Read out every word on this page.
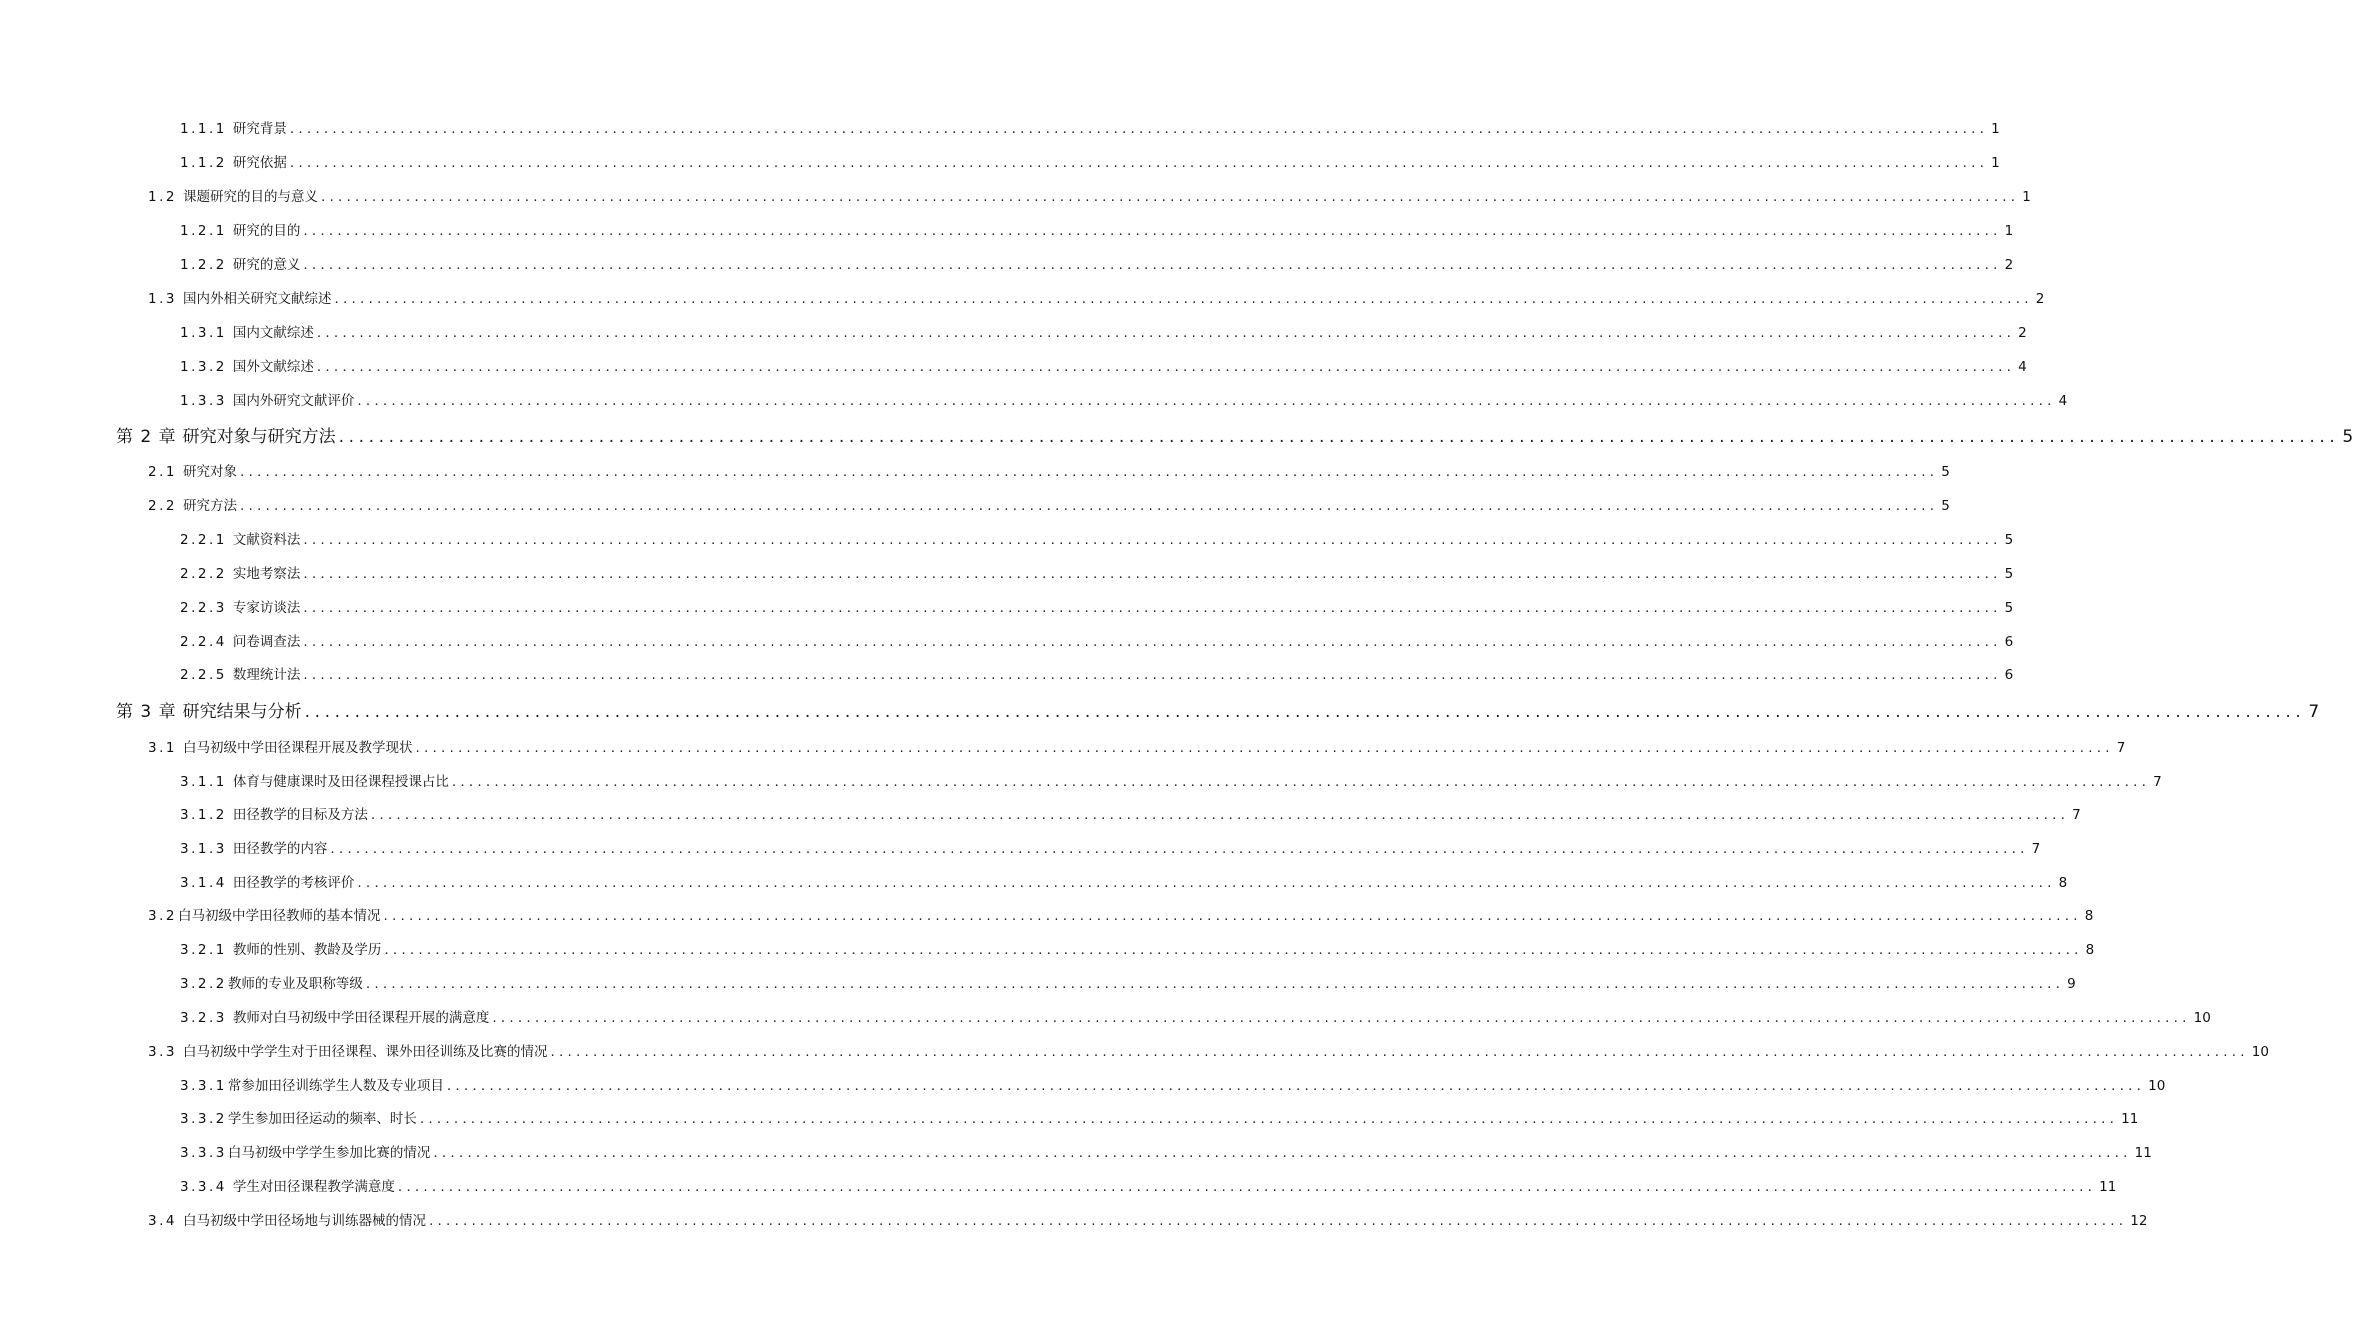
1.1.1 研究背景 ........................................................................................................................................................................................................ 1
1.1.2 研究依据 ........................................................................................................................................................................................................ 1
1.2 课题研究的目的与意义 ........................................................................................................................................................................................................ 1
1.2.1 研究的目的 ........................................................................................................................................................................................................ 1
1.2.2 研究的意义 ........................................................................................................................................................................................................ 2
1.3 国内外相关研究文献综述 ........................................................................................................................................................................................................ 2
1.3.1 国内文献综述 ........................................................................................................................................................................................................ 2
1.3.2 国外文献综述 ........................................................................................................................................................................................................ 4
1.3.3 国内外研究文献评价 ........................................................................................................................................................................................................ 4
第 2 章 研究对象与研究方法 ........................................................................................................................................................................................................ 5
2.1 研究对象 ........................................................................................................................................................................................................ 5
2.2 研究方法 ........................................................................................................................................................................................................ 5
2.2.1 文献资料法 ........................................................................................................................................................................................................ 5
2.2.2 实地考察法 ........................................................................................................................................................................................................ 5
2.2.3 专家访谈法 ........................................................................................................................................................................................................ 5
2.2.4 问卷调查法 ........................................................................................................................................................................................................ 6
2.2.5 数理统计法 ........................................................................................................................................................................................................ 6
第 3 章 研究结果与分析 ........................................................................................................................................................................................................ 7
3.1 白马初级中学田径课程开展及教学现状 ........................................................................................................................................................................................................ 7
3.1.1 体育与健康课时及田径课程授课占比 ........................................................................................................................................................................................................ 7
3.1.2 田径教学的目标及方法 ........................................................................................................................................................................................................ 7
3.1.3 田径教学的内容 ........................................................................................................................................................................................................ 7
3.1.4 田径教学的考核评价 ........................................................................................................................................................................................................ 8
3.2 白马初级中学田径教师的基本情况 ........................................................................................................................................................................................................ 8
3.2.1 教师的性别、教龄及学历 ........................................................................................................................................................................................................ 8
3.2.2 教师的专业及职称等级 ........................................................................................................................................................................................................ 9
3.2.3 教师对白马初级中学田径课程开展的满意度 ........................................................................................................................................................................................................ 10
3.3 白马初级中学学生对于田径课程、课外田径训练及比赛的情况 ........................................................................................................................................................................................................ 10
3.3.1 常参加田径训练学生人数及专业项目 ........................................................................................................................................................................................................ 10
3.3.2 学生参加田径运动的频率、时长 ........................................................................................................................................................................................................ 11
3.3.3 白马初级中学学生参加比赛的情况 ........................................................................................................................................................................................................ 11
3.3.4 学生对田径课程教学满意度 ........................................................................................................................................................................................................ 11
3.4 白马初级中学田径场地与训练器械的情况 ........................................................................................................................................................................................................ 12
